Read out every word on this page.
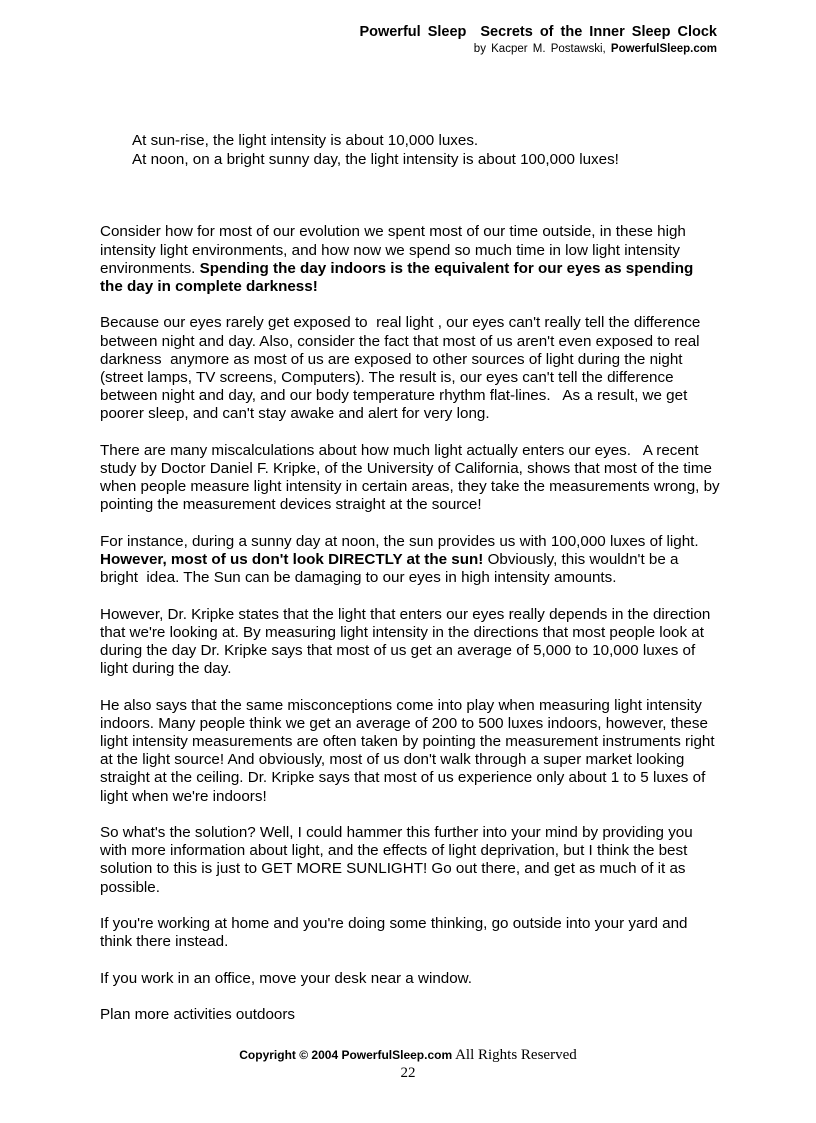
Powerful Sleep Secrets of the Inner Sleep Clock
by Kacper M. Postawski, PowerfulSleep.com

At sun-rise, the light intensity is about 10,000 luxes.
At noon, on a bright sunny day, the light intensity is about 100,000 luxes!

Consider how for most of our evolution we spent most of our time outside, in these high intensity light environments, and how now we spend so much time in low light intensity environments. Spending the day indoors is the equivalent for our eyes as spending the day in complete darkness!

Because our eyes rarely get exposed to  real light , our eyes can't really tell the difference between night and day. Also, consider the fact that most of us aren't even exposed to real  darkness  anymore as most of us are exposed to other sources of light during the night (street lamps, TV screens, Computers). The result is, our eyes can't tell the difference between night and day, and our body temperature rhythm flat-lines.   As a result, we get poorer sleep, and can't stay awake and alert for very long.

There are many miscalculations about how much light actually enters our eyes.   A recent study by Doctor Daniel F. Kripke, of the University of California, shows that most of the time when people measure light intensity in certain areas, they take the measurements wrong, by pointing the measurement devices straight at the source!

For instance, during a sunny day at noon, the sun provides us with 100,000 luxes of light. However, most of us don't look DIRECTLY at the sun! Obviously, this wouldn't be a  bright  idea. The Sun can be damaging to our eyes in high intensity amounts.

However, Dr. Kripke states that the light that enters our eyes really depends in the direction that we're looking at. By measuring light intensity in the directions that most people look at during the day Dr. Kripke says that most of us get an average of 5,000 to 10,000 luxes of light during the day.

He also says that the same misconceptions come into play when measuring light intensity indoors. Many people think we get an average of 200 to 500 luxes indoors, however, these light intensity measurements are often taken by pointing the measurement instruments right at the light source! And obviously, most of us don't walk through a super market looking straight at the ceiling. Dr. Kripke says that most of us experience only about 1 to 5 luxes of light when we're indoors!

So what's the solution? Well, I could hammer this further into your mind by providing you with more information about light, and the effects of light deprivation, but I think the best solution to this is just to GET MORE SUNLIGHT! Go out there, and get as much of it as possible.

If you're working at home and you're doing some thinking, go outside into your yard and think there instead.

If you work in an office, move your desk near a window.

Plan more activities outdoors

Copyright © 2004 PowerfulSleep.com All Rights Reserved
22
